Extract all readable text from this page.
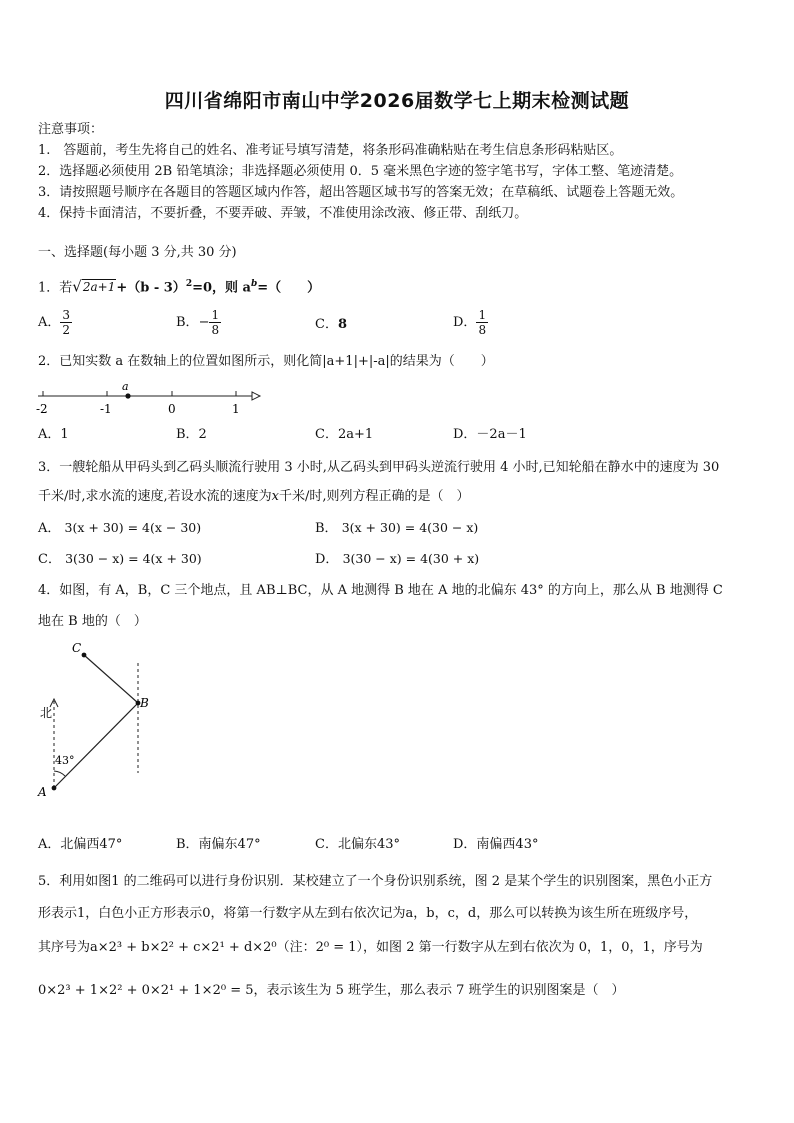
四川省绵阳市南山中学2026届数学七上期末检测试题
注意事项：
1.　答题前，考生先将自己的姓名、准考证号填写清楚，将条形码准确粘贴在考生信息条形码粘贴区。
2．选择题必须使用 2B 铅笔填涂；非选择题必须使用 0．5 毫米黑色字迹的签字笔书写，字体工整、笔迹清楚。
3．请按照题号顺序在各题目的答题区域内作答，超出答题区域书写的答案无效；在草稿纸、试题卷上答题无效。
4．保持卡面清洁，不要折叠，不要弄破、弄皱，不准使用涂改液、修正带、刮纸刀。
一、选择题(每小题 3 分,共 30 分)
1．若√2a+1+（b - 3）$^2$=0，则 $a^b=$（　　）
A． $\frac{3}{2}$	B．− $\frac{1}{8}$	C．8	D． $\frac{1}{8}$
2．已知实数 a 在数轴上的位置如图所示，则化简|a+1|+|-a|的结果为（　　）
a
-2	-1	0	1
A．1	B．2	C．2a+1	D．－2a－1
3．一艘轮船从甲码头到乙码头顺流行驶用 3 小时,从乙码头到甲码头逆流行驶用 4 小时,已知轮船在静水中的速度为 30
千米/时,求水流的速度,若设水流的速度为x千米/时,则列方程正确的是（　）
A． 3(x + 30) = 4(x − 30)	B． 3(x + 30) = 4(30 − x)
C． 3(30 − x) = 4(x + 30)	D． 3(30 − x) = 4(30 + x)
4．如图，有 A，B，C 三个地点，且 AB⊥BC，从 A 地测得 B 地在 A 地的北偏东 43° 的方向上，那么从 B 地测得 C
地在 B 地的（　）
北
43°
A
B
C
A．北偏西47°	B．南偏东47°	C．北偏东43°	D．南偏西43°
5．利用如图1 的二维码可以进行身份识别．某校建立了一个身份识别系统，图 2 是某个学生的识别图案，黑色小正方
形表示1，白色小正方形表示0，将第一行数字从左到右依次记为a，b，c，d，那么可以转换为该生所在班级序号，
其序号为a×2³ + b×2² + c×2¹ + d×2⁰（注：2⁰ = 1），如图 2 第一行数字从左到右依次为 0，1，0，1，序号为
0×2³ + 1×2² + 0×2¹ + 1×2⁰ = 5，表示该生为 5 班学生，那么表示 7 班学生的识别图案是（　）
